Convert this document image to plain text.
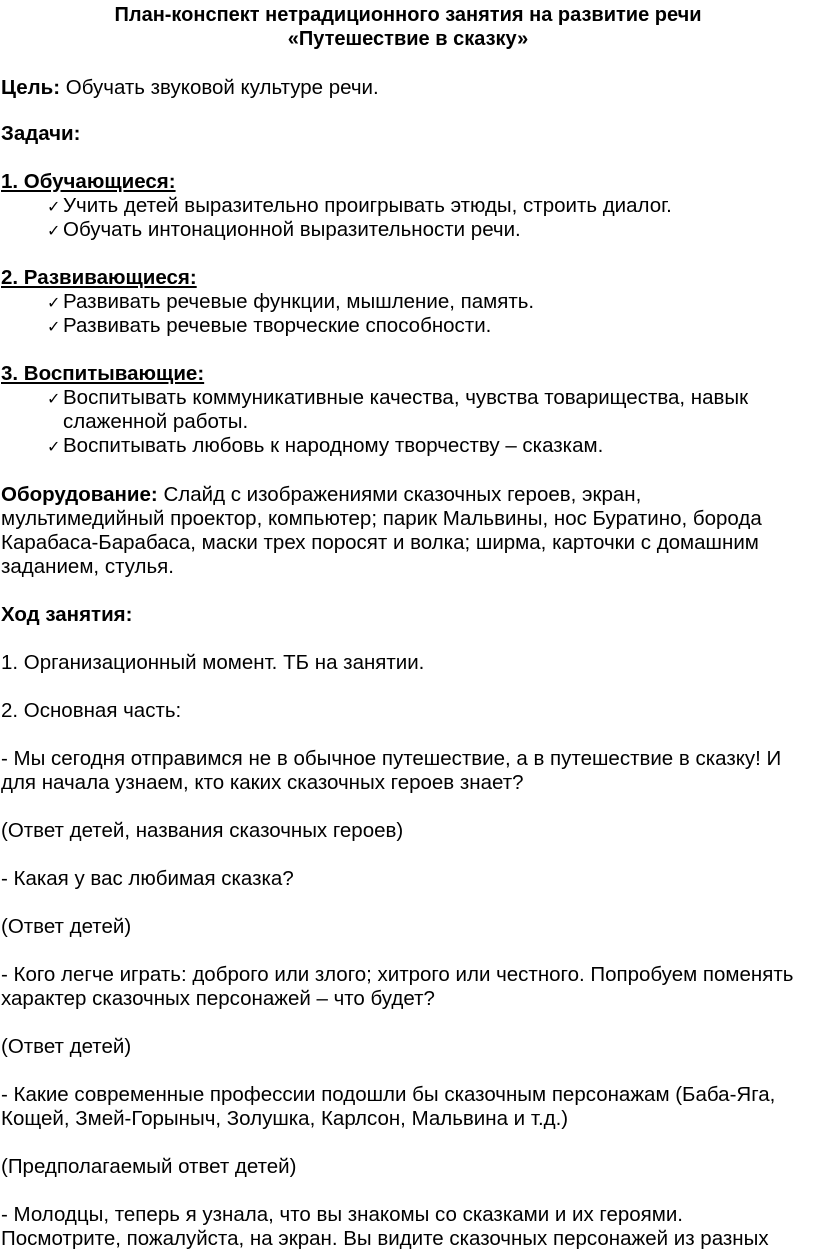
План-конспект нетрадиционного занятия на развитие речи
«Путешествие в сказку»
Цель: Обучать звуковой культуре речи.
Задачи:
1. Обучающиеся:
✓ Учить детей выразительно проигрывать этюды, строить диалог.
✓ Обучать интонационной выразительности речи.
2. Развивающиеся:
✓ Развивать речевые функции, мышление, память.
✓ Развивать речевые творческие способности.
3. Воспитывающие:
✓ Воспитывать коммуникативные качества, чувства товарищества, навык
слаженной работы.
✓ Воспитывать любовь к народному творчеству – сказкам.
Оборудование: Слайд с изображениями сказочных героев, экран,
мультимедийный проектор, компьютер; парик Мальвины, нос Буратино, борода
Карабаса-Барабаса, маски трех поросят и волка; ширма, карточки с домашним
заданием, стулья.
Ход занятия:
1. Организационный момент. ТБ на занятии.
2. Основная часть:
- Мы сегодня отправимся не в обычное путешествие, а в путешествие в сказку! И
для начала узнаем, кто каких сказочных героев знает?
(Ответ детей, названия сказочных героев)
- Какая у вас любимая сказка?
(Ответ детей)
- Кого легче играть: доброго или злого; хитрого или честного. Попробуем поменять
характер сказочных персонажей – что будет?
(Ответ детей)
- Какие современные профессии подошли бы сказочным персонажам (Баба-Яга,
Кощей, Змей-Горыныч, Золушка, Карлсон, Мальвина и т.д.)
(Предполагаемый ответ детей)
- Молодцы, теперь я узнала, что вы знакомы со сказками и их героями.
Посмотрите, пожалуйста, на экран. Вы видите сказочных персонажей из разных
